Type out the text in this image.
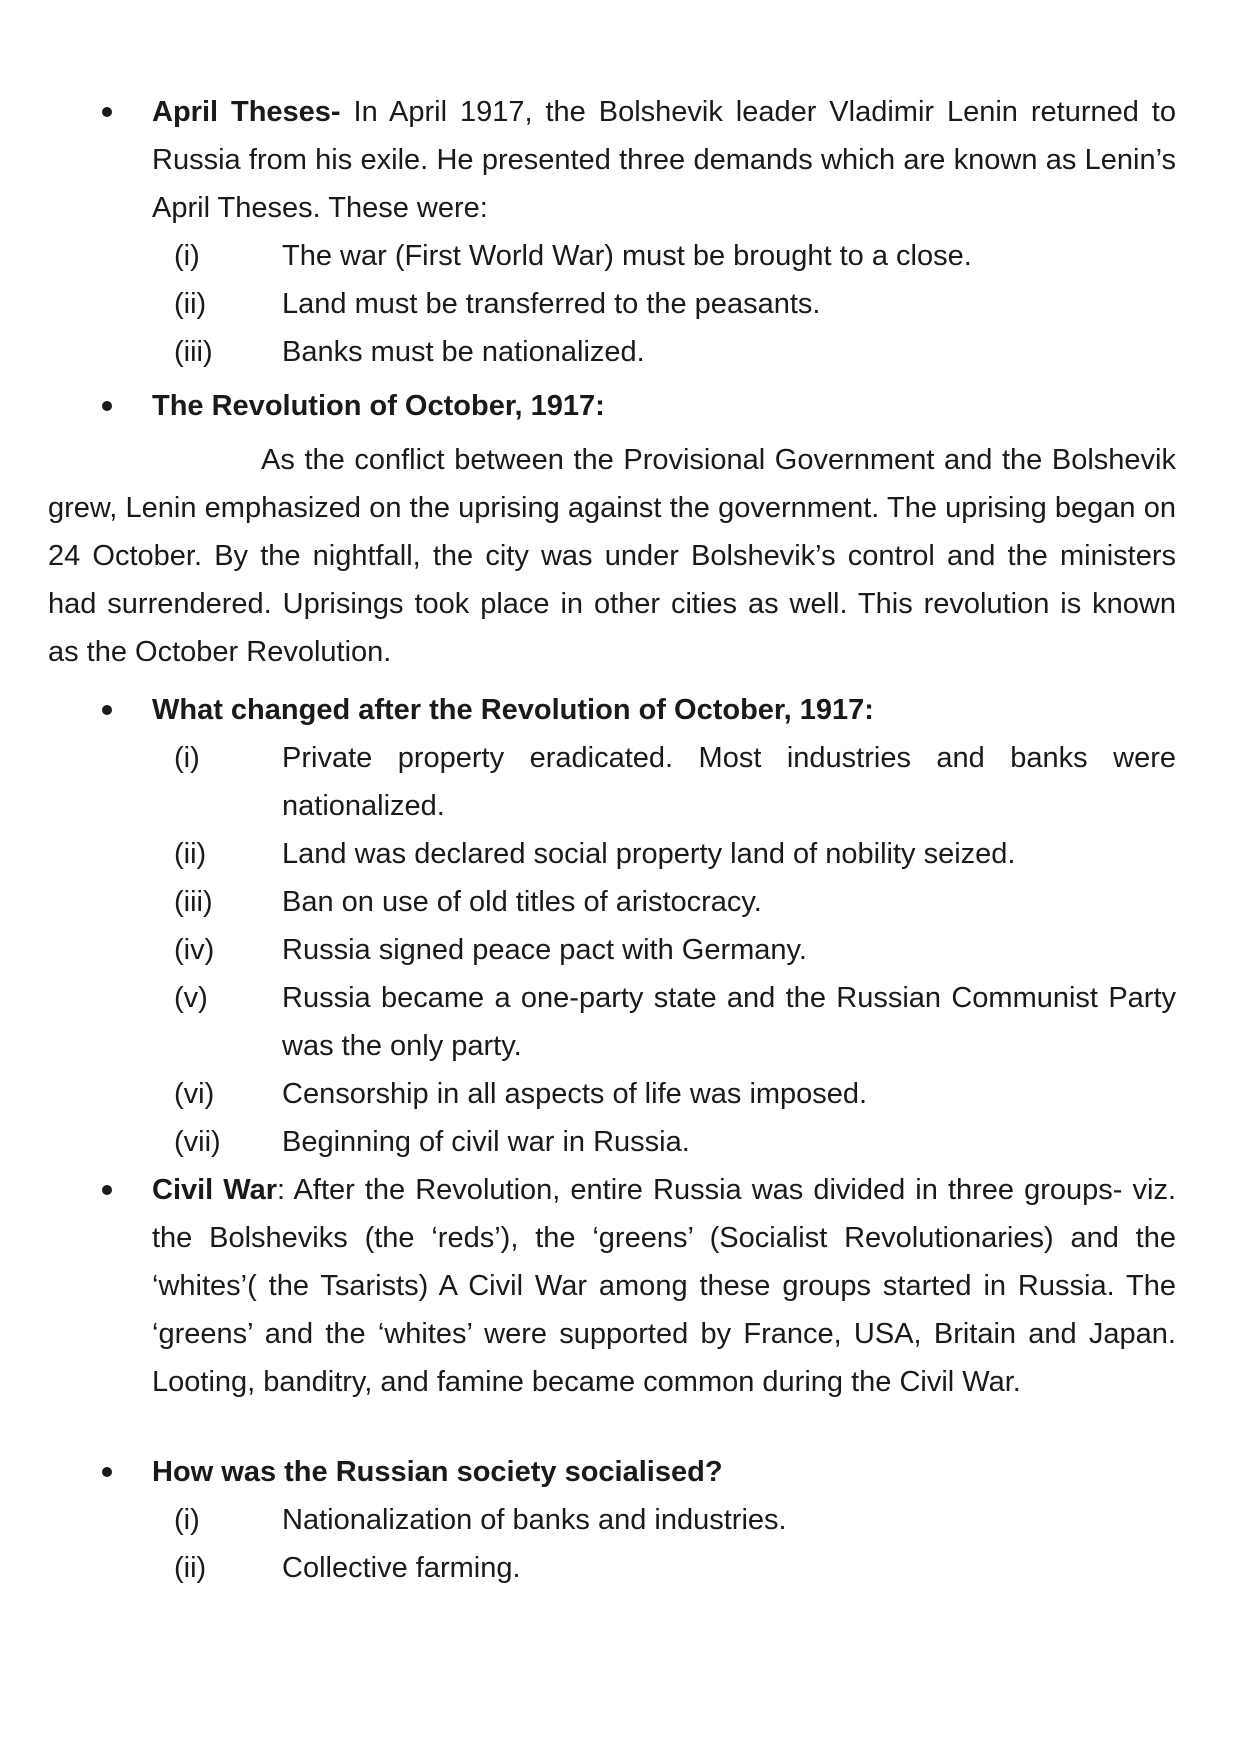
April Theses- In April 1917, the Bolshevik leader Vladimir Lenin returned to Russia from his exile. He presented three demands which are known as Lenin’s April Theses. These were:
(i)	The war (First World War) must be brought to a close.
(ii)	Land must be transferred to the peasants.
(iii) Banks must be nationalized.
The Revolution of October, 1917:

As the conflict between the Provisional Government and the Bolshevik grew, Lenin emphasized on the uprising against the government. The uprising began on 24 October. By the nightfall, the city was under Bolshevik’s control and the ministers had surrendered. Uprisings took place in other cities as well. This revolution is known as the October Revolution.

What changed after the Revolution of October, 1917:
(i)	Private property eradicated. Most industries and banks were nationalized.
(ii)	Land was declared social property land of nobility seized.
(iii) Ban on use of old titles of aristocracy.
(iv) Russia signed peace pact with Germany.
(v)	Russia became a one-party state and the Russian Communist Party was the only party.
(vi) Censorship in all aspects of life was imposed.
(vii) Beginning of civil war in Russia.
Civil War: After the Revolution, entire Russia was divided in three groups- viz. the Bolsheviks (the ‘reds’), the ‘greens’ (Socialist Revolutionaries) and the ‘whites’( the Tsarists) A Civil War among these groups started in Russia. The ‘greens’ and the ‘whites’ were supported by France, USA, Britain and Japan. Looting, banditry, and famine became common during the Civil War.
How was the Russian society socialised?
(i)	Nationalization of banks and industries.
(ii)	Collective farming.
